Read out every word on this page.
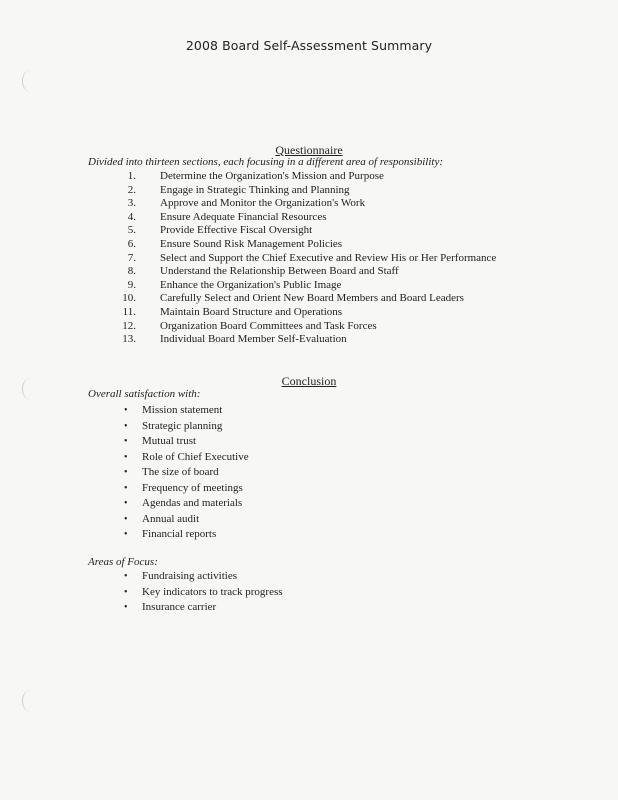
2008 Board Self-Assessment Summary
Questionnaire
Divided into thirteen sections, each focusing in a different area of responsibility:
1. Determine the Organization's Mission and Purpose
2. Engage in Strategic Thinking and Planning
3. Approve and Monitor the Organization's Work
4. Ensure Adequate Financial Resources
5. Provide Effective Fiscal Oversight
6. Ensure Sound Risk Management Policies
7. Select and Support the Chief Executive and Review His or Her Performance
8. Understand the Relationship Between Board and Staff
9. Enhance the Organization's Public Image
10. Carefully Select and Orient New Board Members and Board Leaders
11. Maintain Board Structure and Operations
12. Organization Board Committees and Task Forces
13. Individual Board Member Self-Evaluation
Conclusion
Overall satisfaction with:
• Mission statement
• Strategic planning
• Mutual trust
• Role of Chief Executive
• The size of board
• Frequency of meetings
• Agendas and materials
• Annual audit
• Financial reports
Areas of Focus:
• Fundraising activities
• Key indicators to track progress
• Insurance carrier
